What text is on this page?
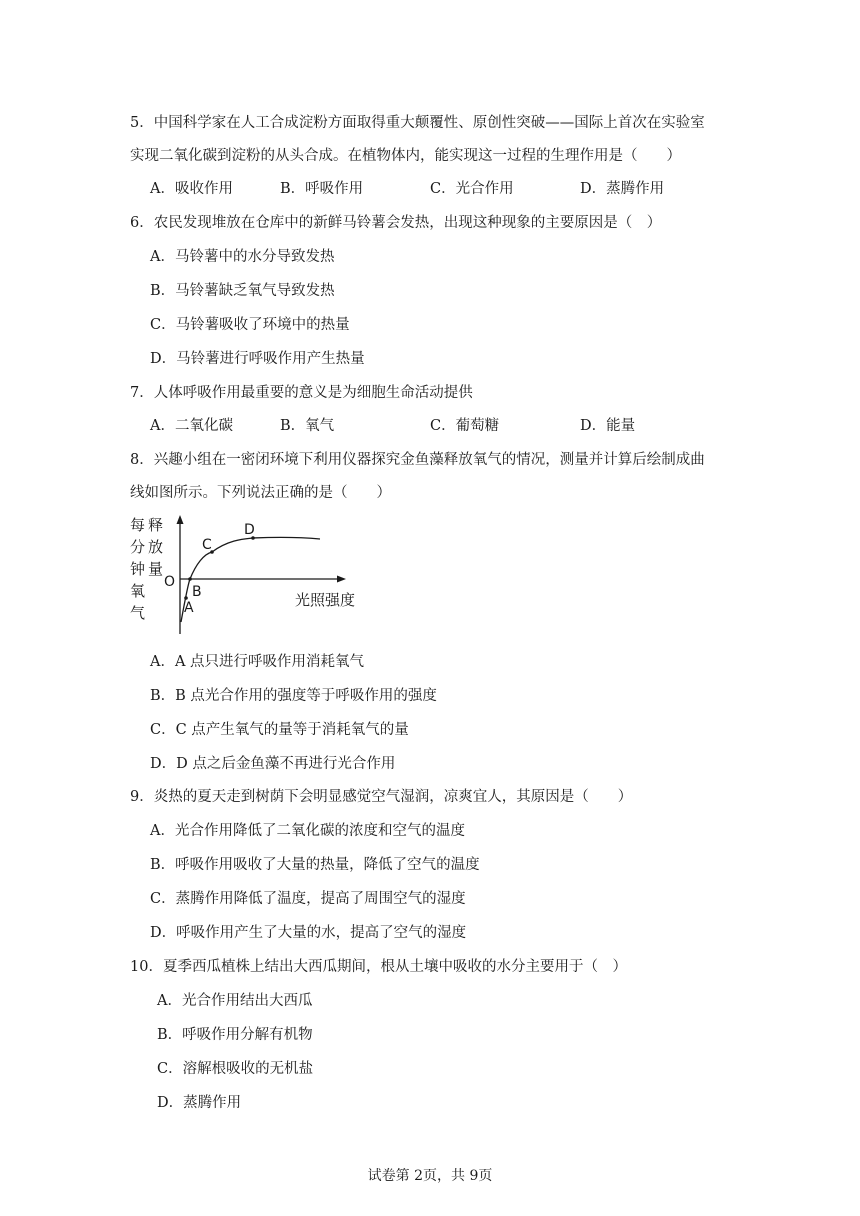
5．中国科学家在人工合成淀粉方面取得重大颠覆性、原创性突破——国际上首次在实验室
实现二氧化碳到淀粉的从头合成。在植物体内，能实现这一过程的生理作用是（　　）
A．吸收作用	B．呼吸作用	C．光合作用	D．蒸腾作用
6．农民发现堆放在仓库中的新鲜马铃薯会发热，出现这种现象的主要原因是（　）
A．马铃薯中的水分导致发热
B．马铃薯缺乏氧气导致发热
C．马铃薯吸收了环境中的热量
D．马铃薯进行呼吸作用产生热量
7．人体呼吸作用最重要的意义是为细胞生命活动提供
A．二氧化碳	B．氧气	C．葡萄糖	D．能量
8．兴趣小组在一密闭环境下利用仪器探究金鱼藻释放氧气的情况，测量并计算后绘制成曲
线如图所示。下列说法正确的是（　　）
每
分
钟
氧
气
释
放
量
O
光照强度
A
B
C
D
A．A 点只进行呼吸作用消耗氧气
B．B 点光合作用的强度等于呼吸作用的强度
C．C 点产生氧气的量等于消耗氧气的量
D．D 点之后金鱼藻不再进行光合作用
9．炎热的夏天走到树荫下会明显感觉空气湿润，凉爽宜人，其原因是（　　）
A．光合作用降低了二氧化碳的浓度和空气的温度
B．呼吸作用吸收了大量的热量，降低了空气的温度
C．蒸腾作用降低了温度，提高了周围空气的湿度
D．呼吸作用产生了大量的水，提高了空气的湿度
10．夏季西瓜植株上结出大西瓜期间，根从土壤中吸收的水分主要用于（　）
A．光合作用结出大西瓜
B．呼吸作用分解有机物
C．溶解根吸收的无机盐
D．蒸腾作用
试卷第 2页，共 9页
